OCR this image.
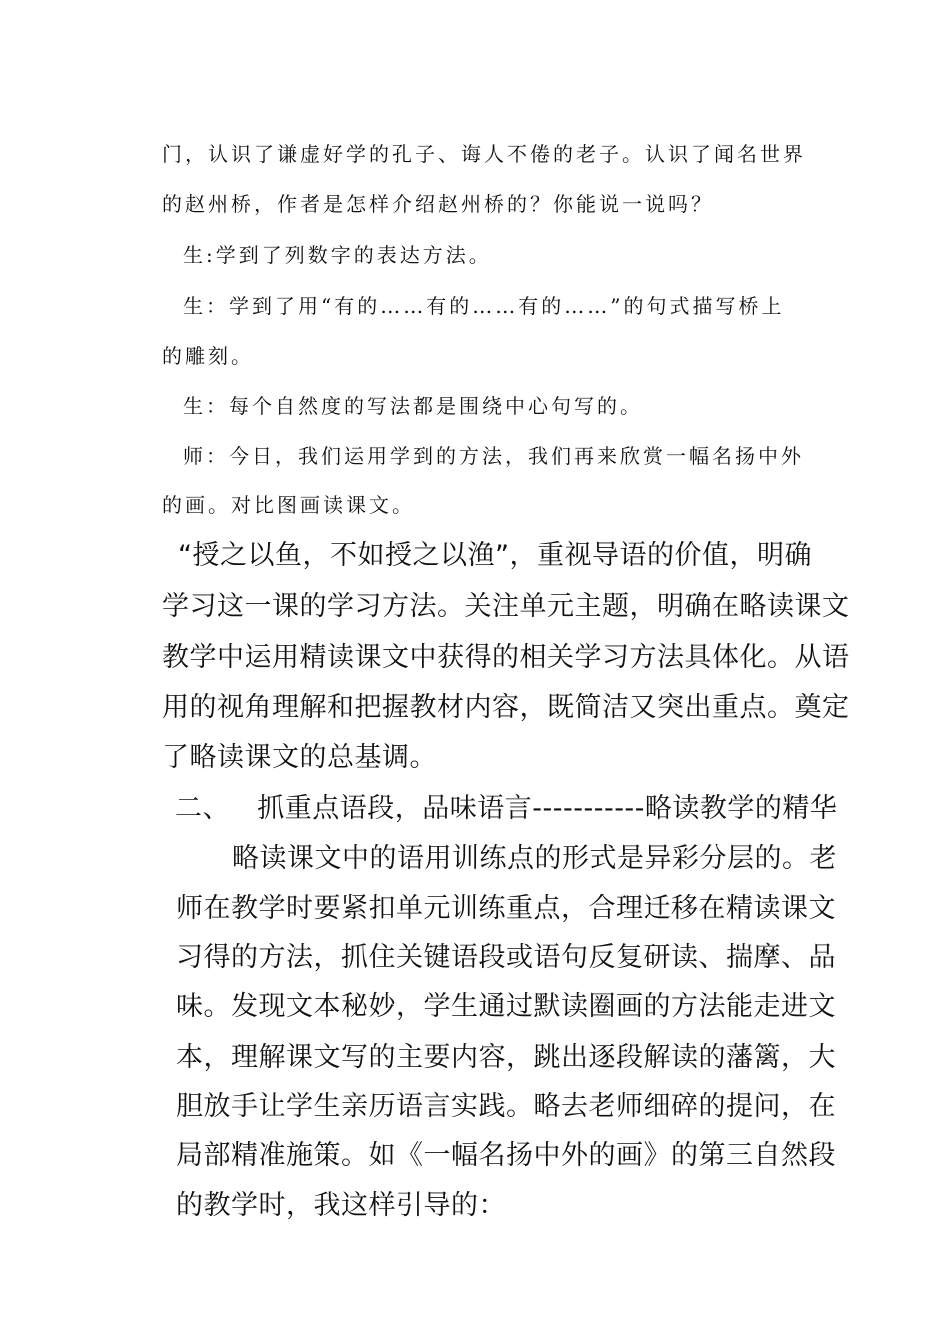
门，认识了谦虚好学的孔子、诲人不倦的老子。认识了闻名世界

的赵州桥，作者是怎样介绍赵州桥的？你能说一说吗？

生:学到了列数字的表达方法。

生：学到了用“有的……有的……有的……”的句式描写桥上

的雕刻。

生：每个自然度的写法都是围绕中心句写的。

师：今日，我们运用学到的方法，我们再来欣赏一幅名扬中外

的画。对比图画读课文。

“授之以鱼，不如授之以渔”，重视导语的价值，明确

学习这一课的学习方法。关注单元主题，明确在略读课文

教学中运用精读课文中获得的相关学习方法具体化。从语

用的视角理解和把握教材内容，既简洁又突出重点。奠定

了略读课文的总基调。

二、   抓重点语段，品味语言-----------略读教学的精华

略读课文中的语用训练点的形式是异彩分层的。老

师在教学时要紧扣单元训练重点，合理迁移在精读课文

习得的方法，抓住关键语段或语句反复研读、揣摩、品

味。发现文本秘妙，学生通过默读圈画的方法能走进文

本，理解课文写的主要内容，跳出逐段解读的藩篱，大

胆放手让学生亲历语言实践。略去老师细碎的提问，在

局部精准施策。如《一幅名扬中外的画》的第三自然段

的教学时，我这样引导的：
